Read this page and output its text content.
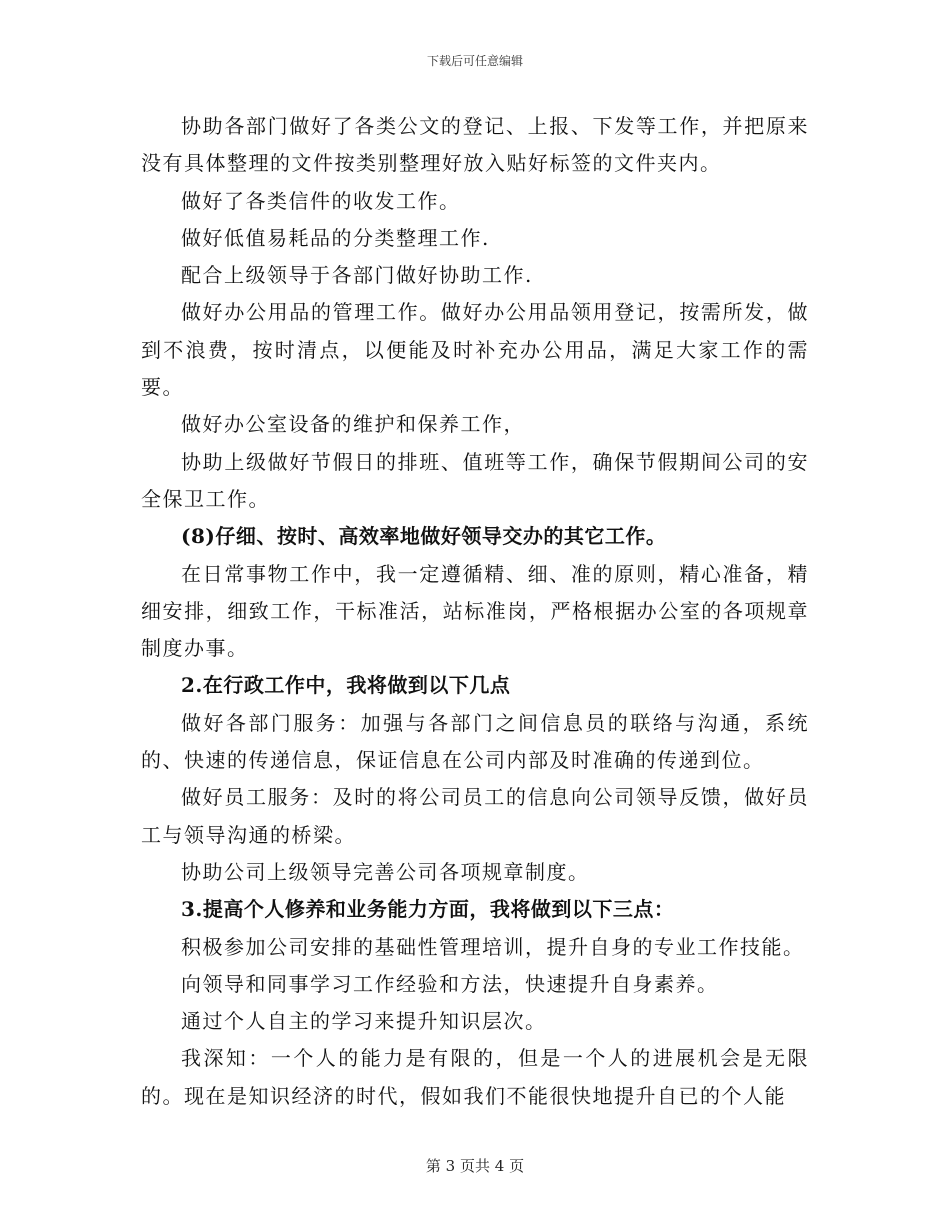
下载后可任意编辑

协助各部门做好了各类公文的登记、上报、下发等工作，并把原来没有具体整理的文件按类别整理好放入贴好标签的文件夹内。

做好了各类信件的收发工作。

做好低值易耗品的分类整理工作.

配合上级领导于各部门做好协助工作.

做好办公用品的管理工作。做好办公用品领用登记，按需所发，做到不浪费，按时清点，以便能及时补充办公用品，满足大家工作的需要。

做好办公室设备的维护和保养工作，

协助上级做好节假日的排班、值班等工作，确保节假期间公司的安全保卫工作。

(8)仔细、按时、高效率地做好领导交办的其它工作。

在日常事物工作中，我一定遵循精、细、准的原则，精心准备，精细安排，细致工作，干标准活，站标准岗，严格根据办公室的各项规章制度办事。

2.在行政工作中，我将做到以下几点

做好各部门服务：加强与各部门之间信息员的联络与沟通，系统的、快速的传递信息，保证信息在公司内部及时准确的传递到位。

做好员工服务：及时的将公司员工的信息向公司领导反馈，做好员工与领导沟通的桥梁。

协助公司上级领导完善公司各项规章制度。

3.提高个人修养和业务能力方面，我将做到以下三点：

积极参加公司安排的基础性管理培训，提升自身的专业工作技能。

向领导和同事学习工作经验和方法，快速提升自身素养。

通过个人自主的学习来提升知识层次。

我深知：一个人的能力是有限的，但是一个人的进展机会是无限的。现在是知识经济的时代，假如我们不能很快地提升自已的个人能

第 3 页共 4 页
